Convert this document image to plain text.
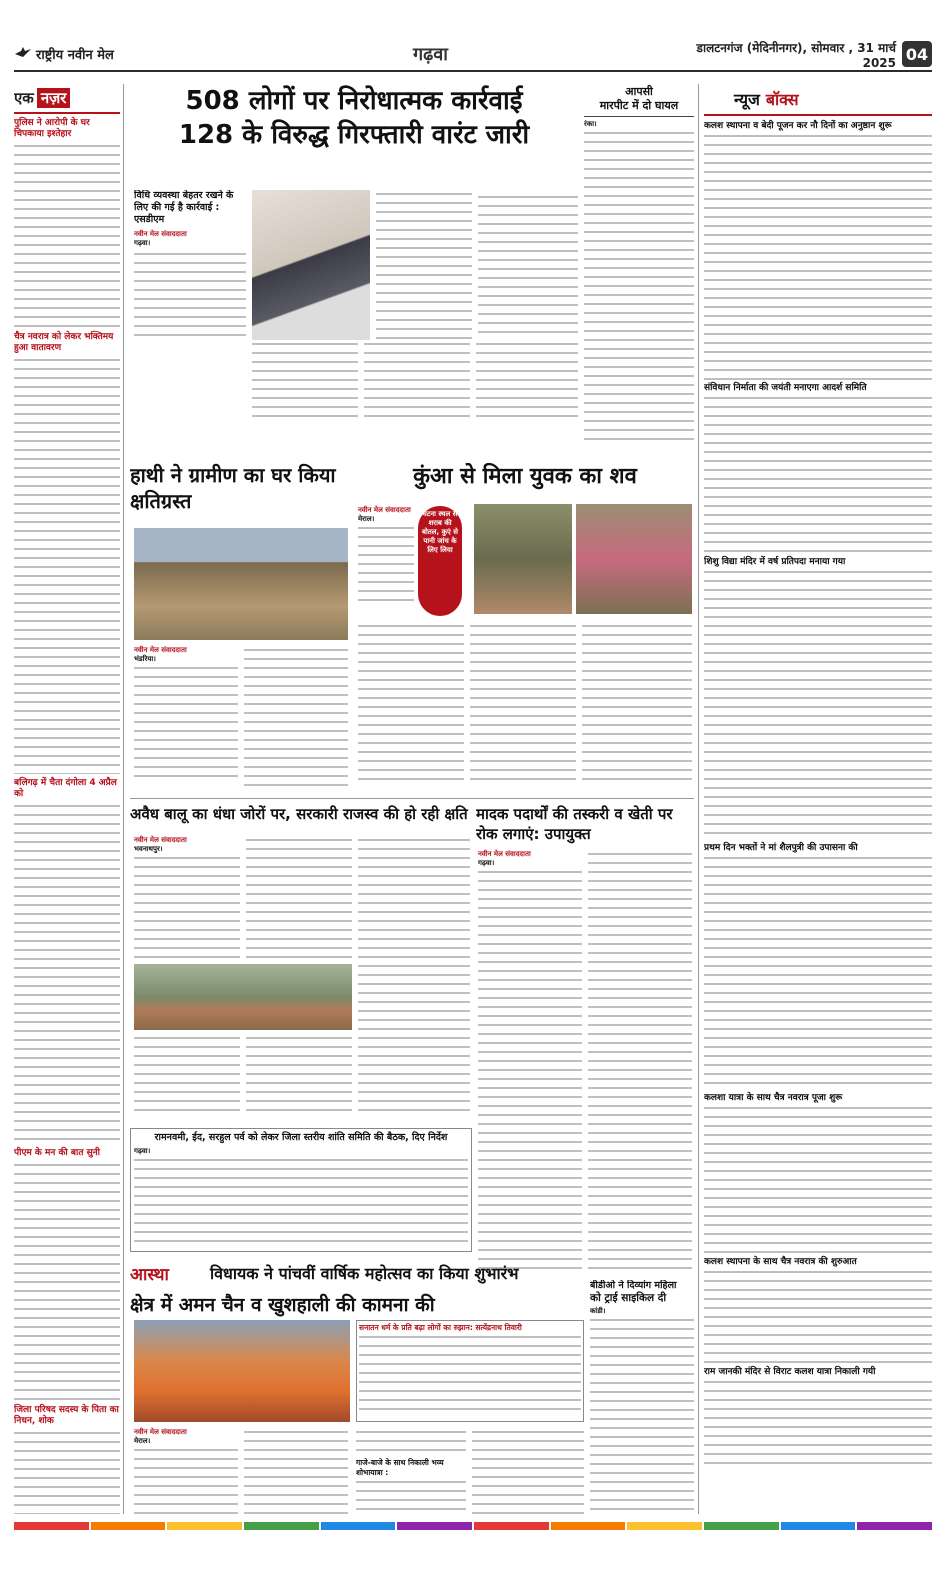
राष्ट्रीय नवीन मेल	गढ़वा	डालटनगंज (मेदिनीनगर), सोमवार , 31 मार्च 2025 04
एक नज़र
पुलिस ने आरोपी के घर चिपकाया इश्तेहार
चैत्र नवरात्र को लेकर भक्तिमय हुआ वातावरण
बलिगढ़ में चैता दंगोला 4 अप्रैल को
पीएम के मन की बात सुनी
जिला परिषद सदस्य के पिता का निधन, शोक
508 लोगों पर निरोधात्मक कार्रवाई
128 के विरुद्ध गिरफ्तारी वारंट जारी
विधि व्यवस्था बेहतर रखने के लिए की गई है कार्रवाई : एसडीएम
नवीन मेल संवाददाता
गढ़वा।
आपसी
मारपीट में दो घायल
रंका।
हाथी ने ग्रामीण का घर किया क्षतिग्रस्त
नवीन मेल संवाददाता
भंडरिया।
कुंआ से मिला युवक का शव
नवीन मेल संवाददाता
मेराल।
घटना स्थल से शराब की बोतल, कुएं से पानी जांच के लिए लिया
अवैध बालू का धंधा जोरों पर, सरकारी राजस्व की हो रही क्षति
नवीन मेल संवाददाता
भवनाथपुर।
मादक पदार्थों की तस्करी व खेती पर रोक लगाएं: उपायुक्त
नवीन मेल संवाददाता
गढ़वा।
रामनवमी, ईद, सरहुल पर्व को लेकर जिला स्तरीय शांति समिति की बैठक, दिए निर्देश
गढ़वा।
आस्था	विधायक ने पांचवीं वार्षिक महोत्सव का किया शुभारंभ
क्षेत्र में अमन चैन व खुशहाली की कामना की
सनातन धर्म के प्रति बढ़ा लोगों का रुझान: सत्येंद्रनाथ तिवारी
नवीन मेल संवाददाता
मेराल।
गाजे-बाजे के साथ निकाली भव्य शोभायात्रा :
बीडीओ ने दिव्यांग महिला
को ट्राई साइकिल दी
कांडी।
न्यूज बॉक्स
कलश स्थापना व बेदी पूजन कर नौ दिनों का अनुष्ठान शुरू
संविधान निर्माता की जयंती मनाएगा आदर्श समिति
शिशु विद्या मंदिर में वर्ष प्रतिपदा मनाया गया
प्रथम दिन भक्तों ने मां शैलपुत्री की उपासना की
कलशा यात्रा के साथ चैत्र नवरात्र पूजा शुरू
कलश स्थापना के साथ चैत्र नवरात्र की शुरुआत
राम जानकी मंदिर से विराट कलश यात्रा निकाली गयी
